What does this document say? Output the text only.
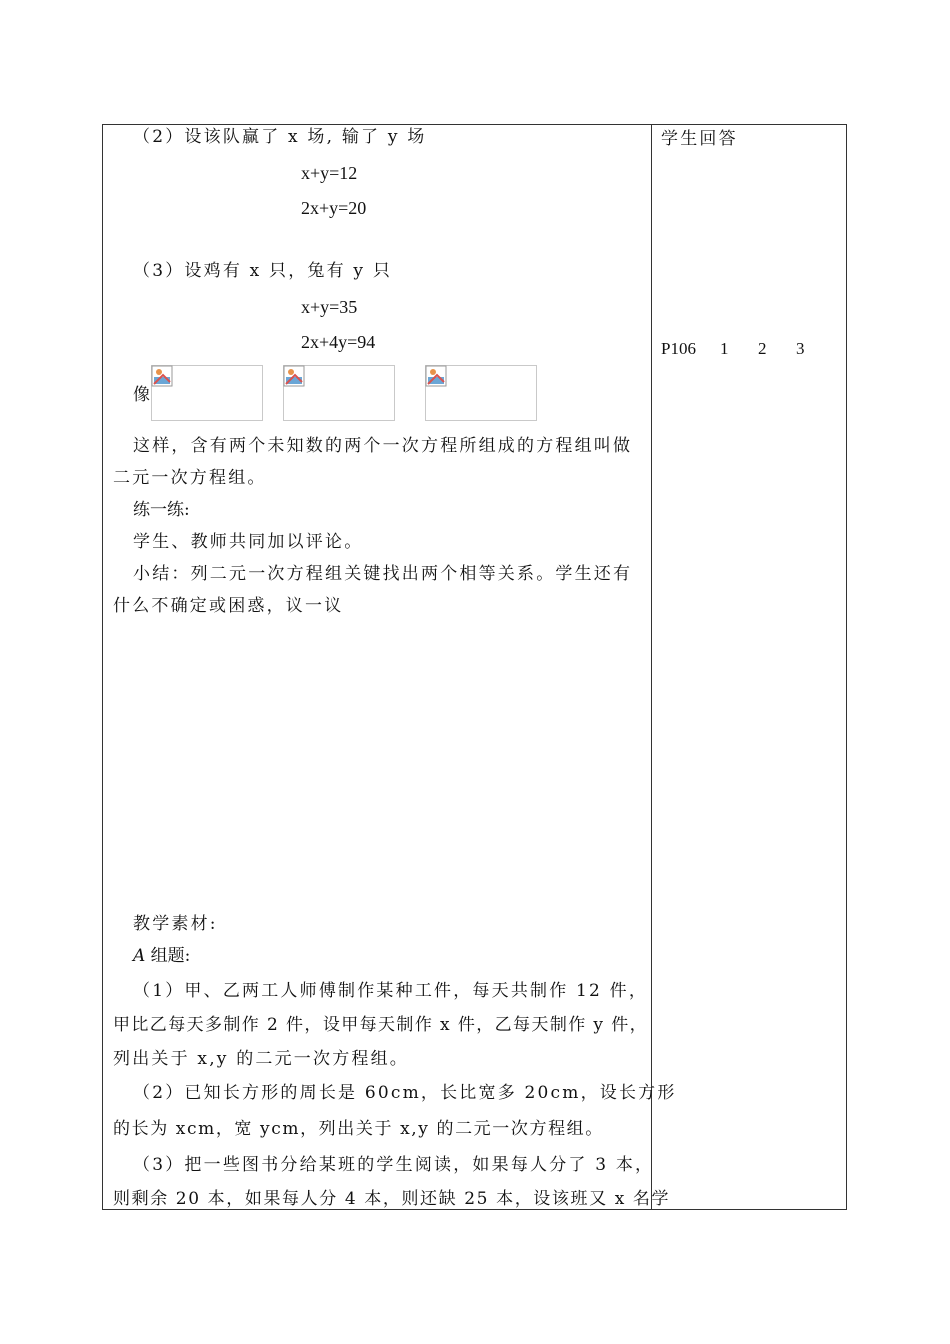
（2）设该队赢了 x 场, 输了 y 场
x+y=12
2x+y=20
（3）设鸡有 x 只，兔有 y 只
x+y=35
2x+4y=94
像
这样，含有两个未知数的两个一次方程所组成的方程组叫做
二元一次方程组。
练一练:
学生、教师共同加以评论。
小结：列二元一次方程组关键找出两个相等关系。学生还有
什么不确定或困惑，议一议
教学素材:
A 组题:
（1）甲、乙两工人师傅制作某种工件，每天共制作 12 件，
甲比乙每天多制作 2 件，设甲每天制作 x 件，乙每天制作 y 件，
列出关于 x,y 的二元一次方程组。
（2）已知长方形的周长是 60cm，长比宽多 20cm，设长方形
的长为 xcm，宽 ycm，列出关于 x,y 的二元一次方程组。
（3）把一些图书分给某班的学生阅读，如果每人分了 3 本，
则剩余 20 本，如果每人分 4 本，则还缺 25 本，设该班又 x 名学
学生回答
P106 1 2 3
